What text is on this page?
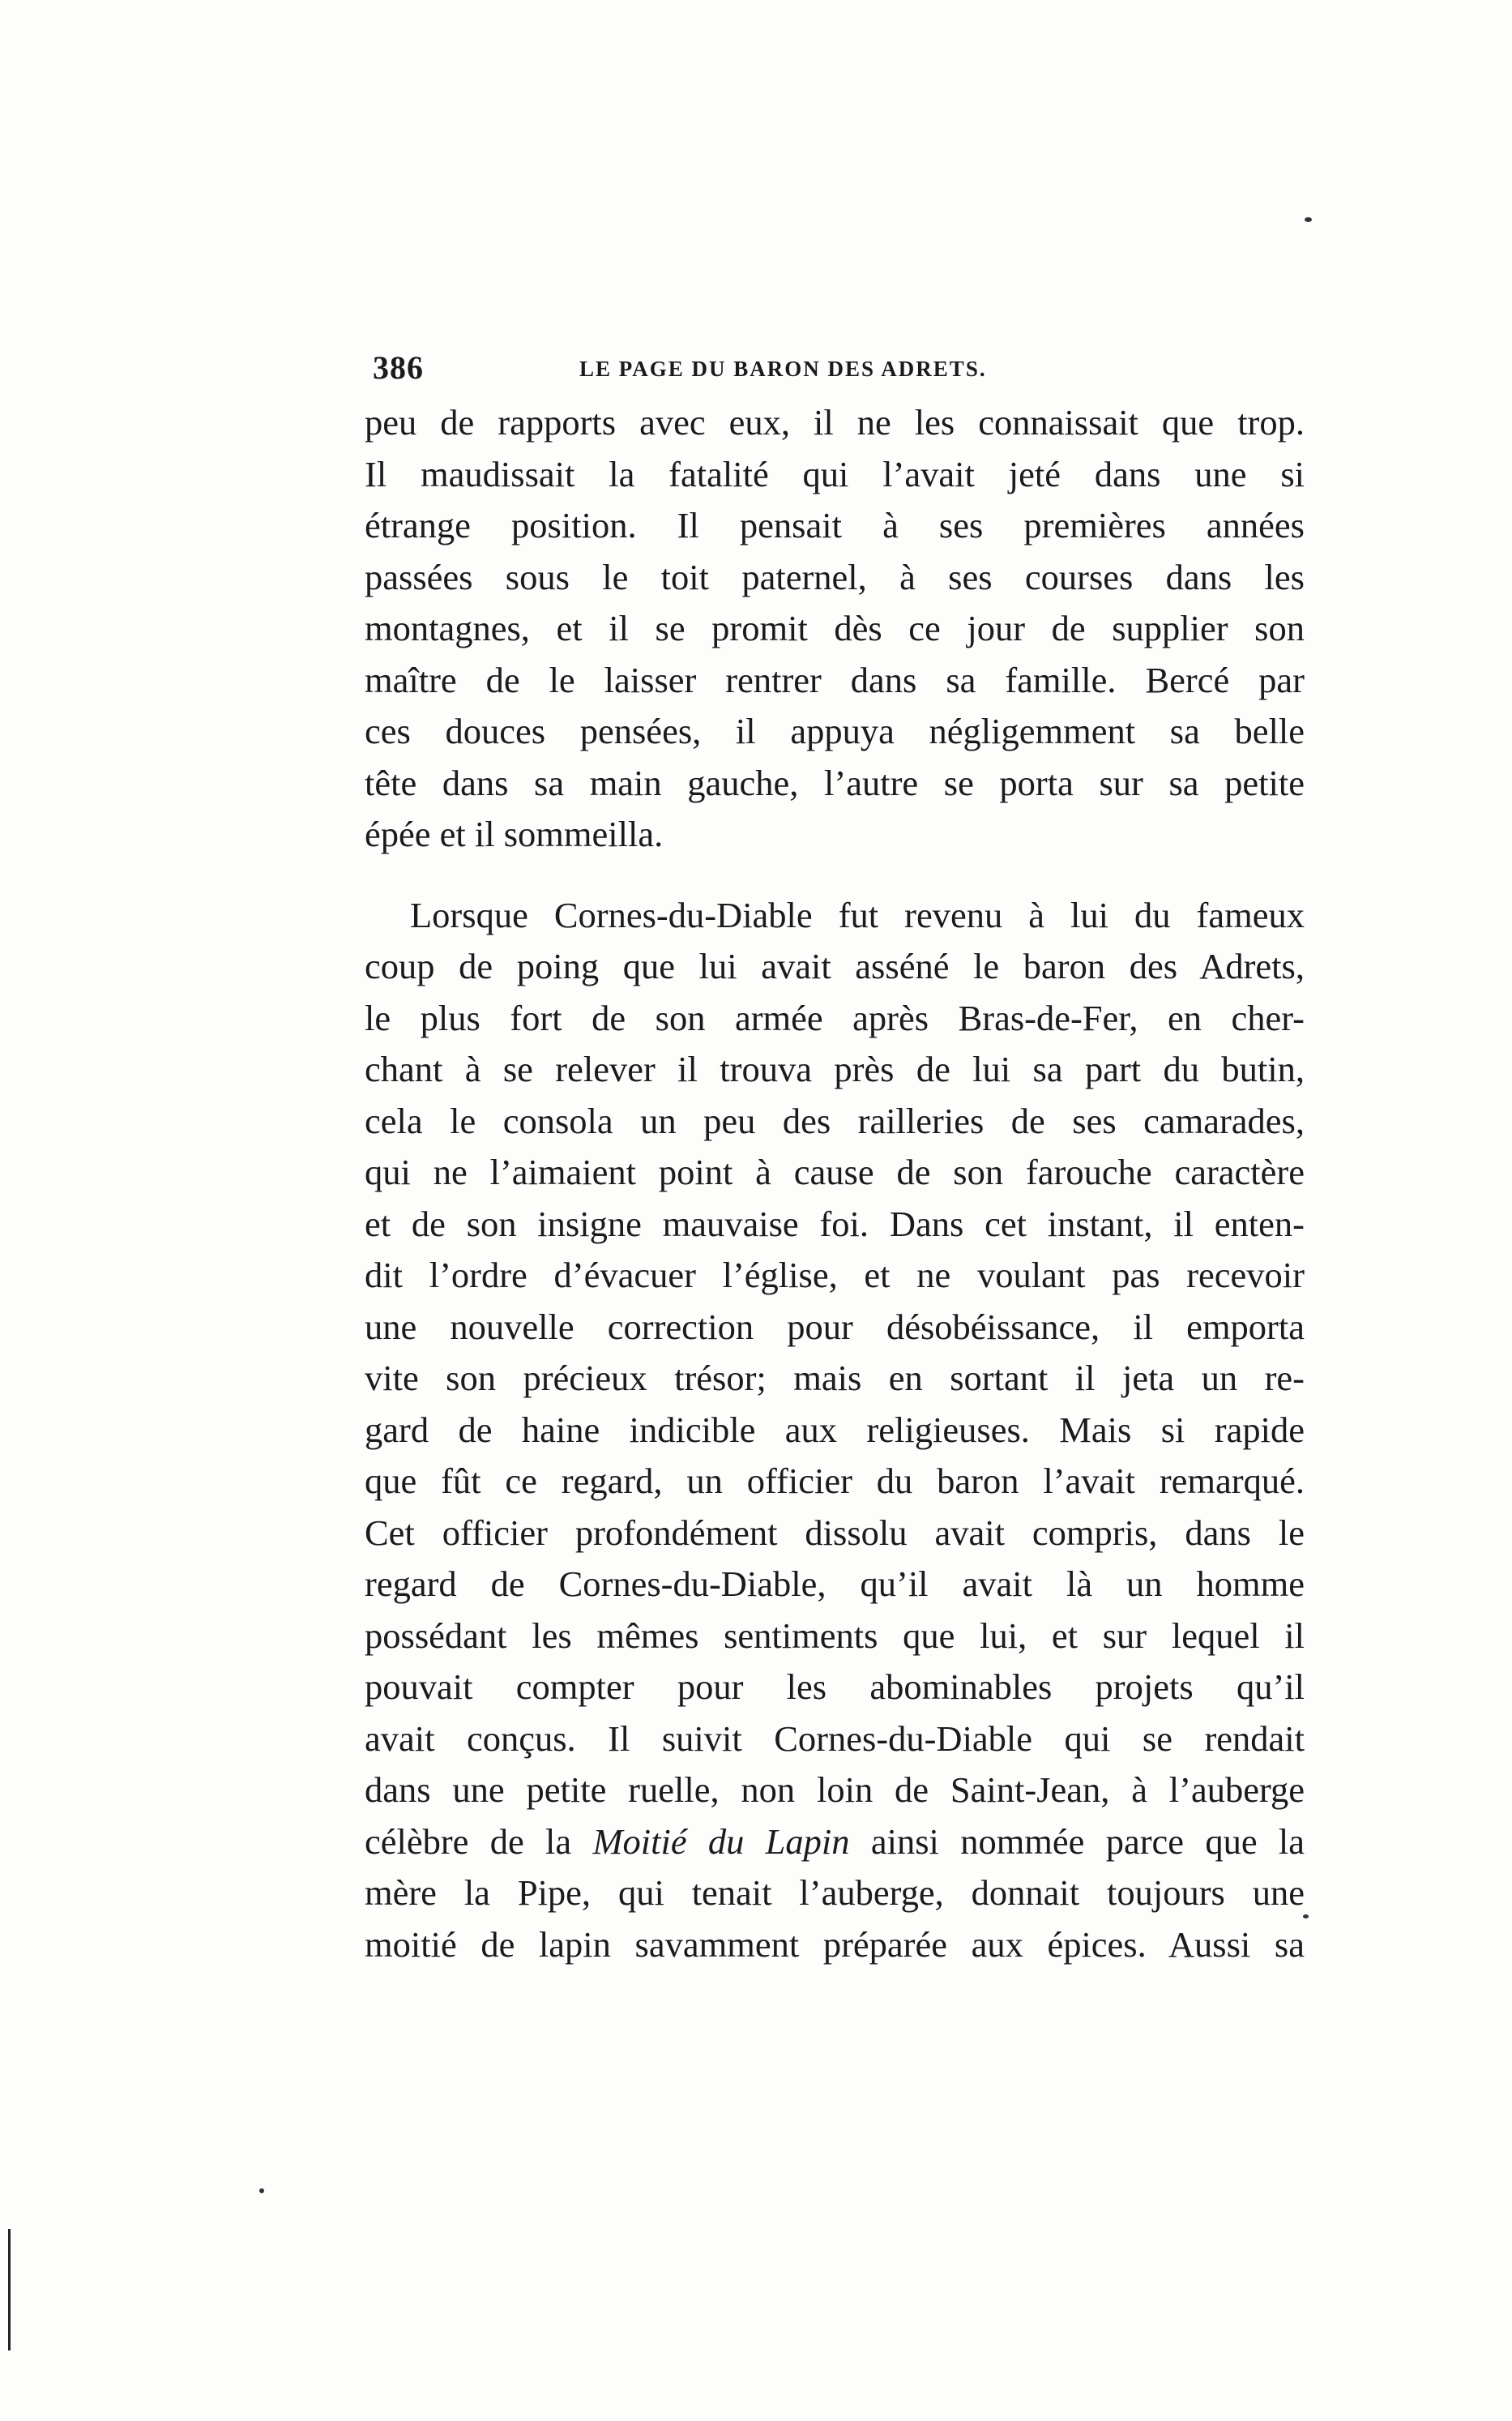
386	LE PAGE DU BARON DES ADRETS.
peu de rapports avec eux, il ne les connaissait que trop.
Il maudissait la fatalité qui l’avait jeté dans une si
étrange position. Il pensait à ses premières années
passées sous le toit paternel, à ses courses dans les
montagnes, et il se promit dès ce jour de supplier son
maître de le laisser rentrer dans sa famille. Bercé par
ces douces pensées, il appuya négligemment sa belle
tête dans sa main gauche, l’autre se porta sur sa petite
épée et il sommeilla.
Lorsque Cornes-du-Diable fut revenu à lui du fameux
coup de poing que lui avait asséné le baron des Adrets,
le plus fort de son armée après Bras-de-Fer, en cher-
chant à se relever il trouva près de lui sa part du butin,
cela le consola un peu des railleries de ses camarades,
qui ne l’aimaient point à cause de son farouche caractère
et de son insigne mauvaise foi. Dans cet instant, il enten-
dit l’ordre d’évacuer l’église, et ne voulant pas recevoir
une nouvelle correction pour désobéissance, il emporta
vite son précieux trésor; mais en sortant il jeta un re-
gard de haine indicible aux religieuses. Mais si rapide
que fût ce regard, un officier du baron l’avait remarqué.
Cet officier profondément dissolu avait compris, dans le
regard de Cornes-du-Diable, qu’il avait là un homme
possédant les mêmes sentiments que lui, et sur lequel il
pouvait compter pour les abominables projets qu’il
avait conçus. Il suivit Cornes-du-Diable qui se rendait
dans une petite ruelle, non loin de Saint-Jean, à l’auberge
célèbre de la Moitié du Lapin ainsi nommée parce que la
mère la Pipe, qui tenait l’auberge, donnait toujours une
moitié de lapin savamment préparée aux épices. Aussi sa
